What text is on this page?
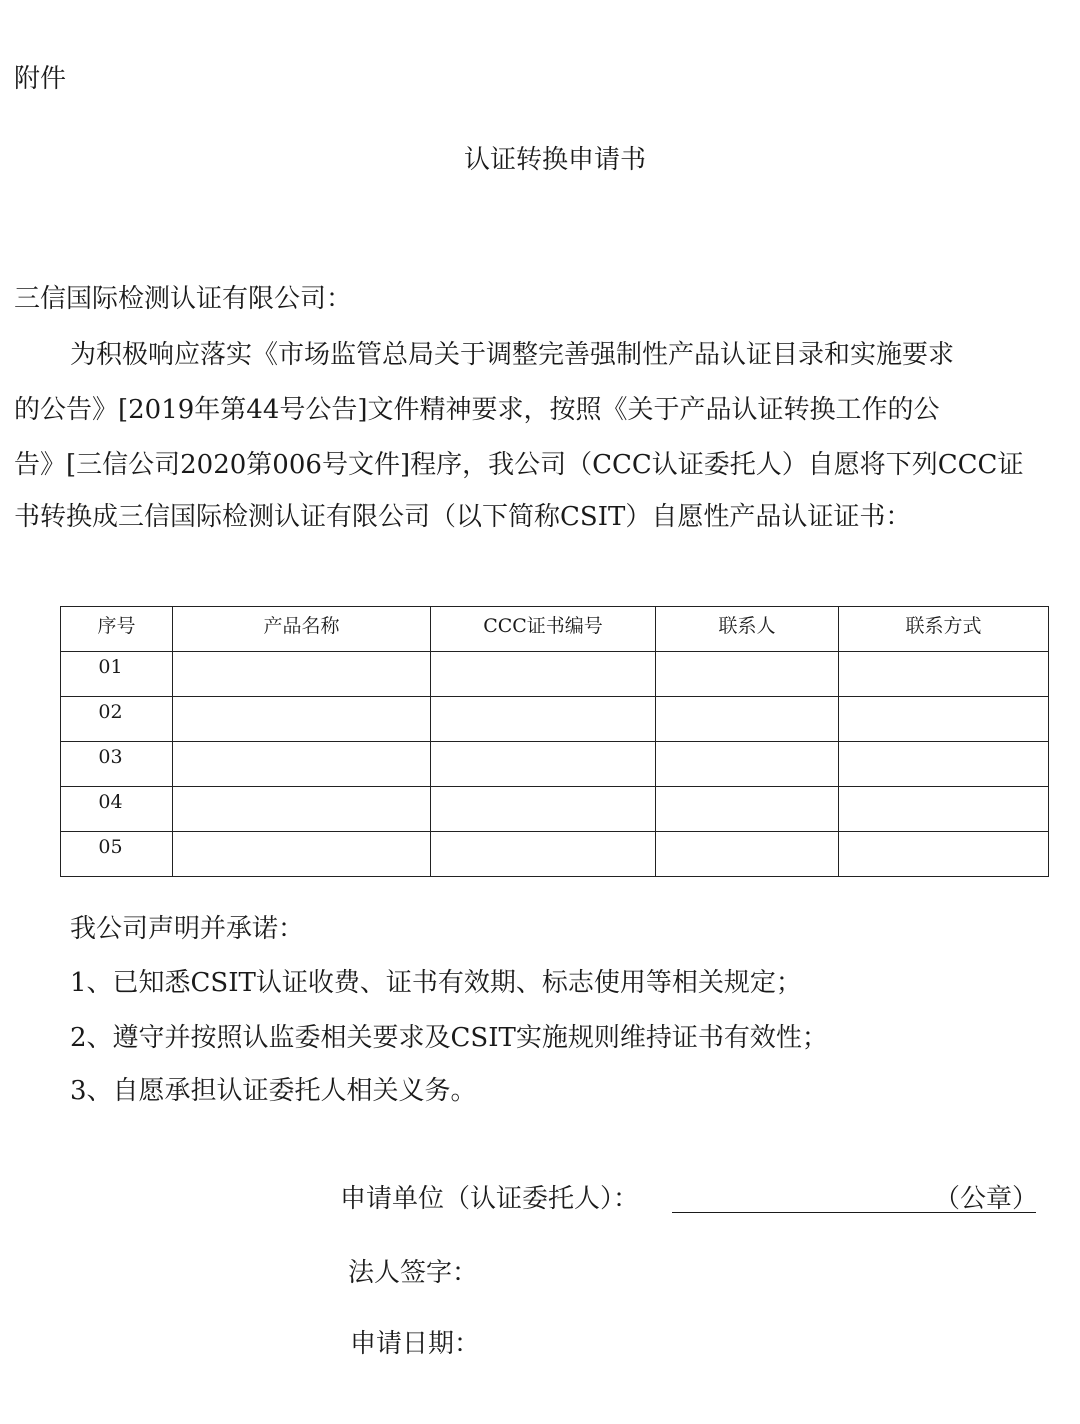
附件
认证转换申请书
三信国际检测认证有限公司：
为积极响应落实《市场监管总局关于调整完善强制性产品认证目录和实施要求
的公告》[2019年第44号公告]文件精神要求，按照《关于产品认证转换工作的公
告》[三信公司2020第006号文件]程序，我公司（CCC认证委托人）自愿将下列CCC证
书转换成三信国际检测认证有限公司（以下简称CSIT）自愿性产品认证证书：
序号	产品名称	CCC证书编号	联系人	联系方式
01				
02				
03				
04				
05				
我公司声明并承诺：
1、已知悉CSIT认证收费、证书有效期、标志使用等相关规定；
2、遵守并按照认监委相关要求及CSIT实施规则维持证书有效性；
3、自愿承担认证委托人相关义务。
申请单位（认证委托人）：	（公章）
法人签字：
申请日期：
